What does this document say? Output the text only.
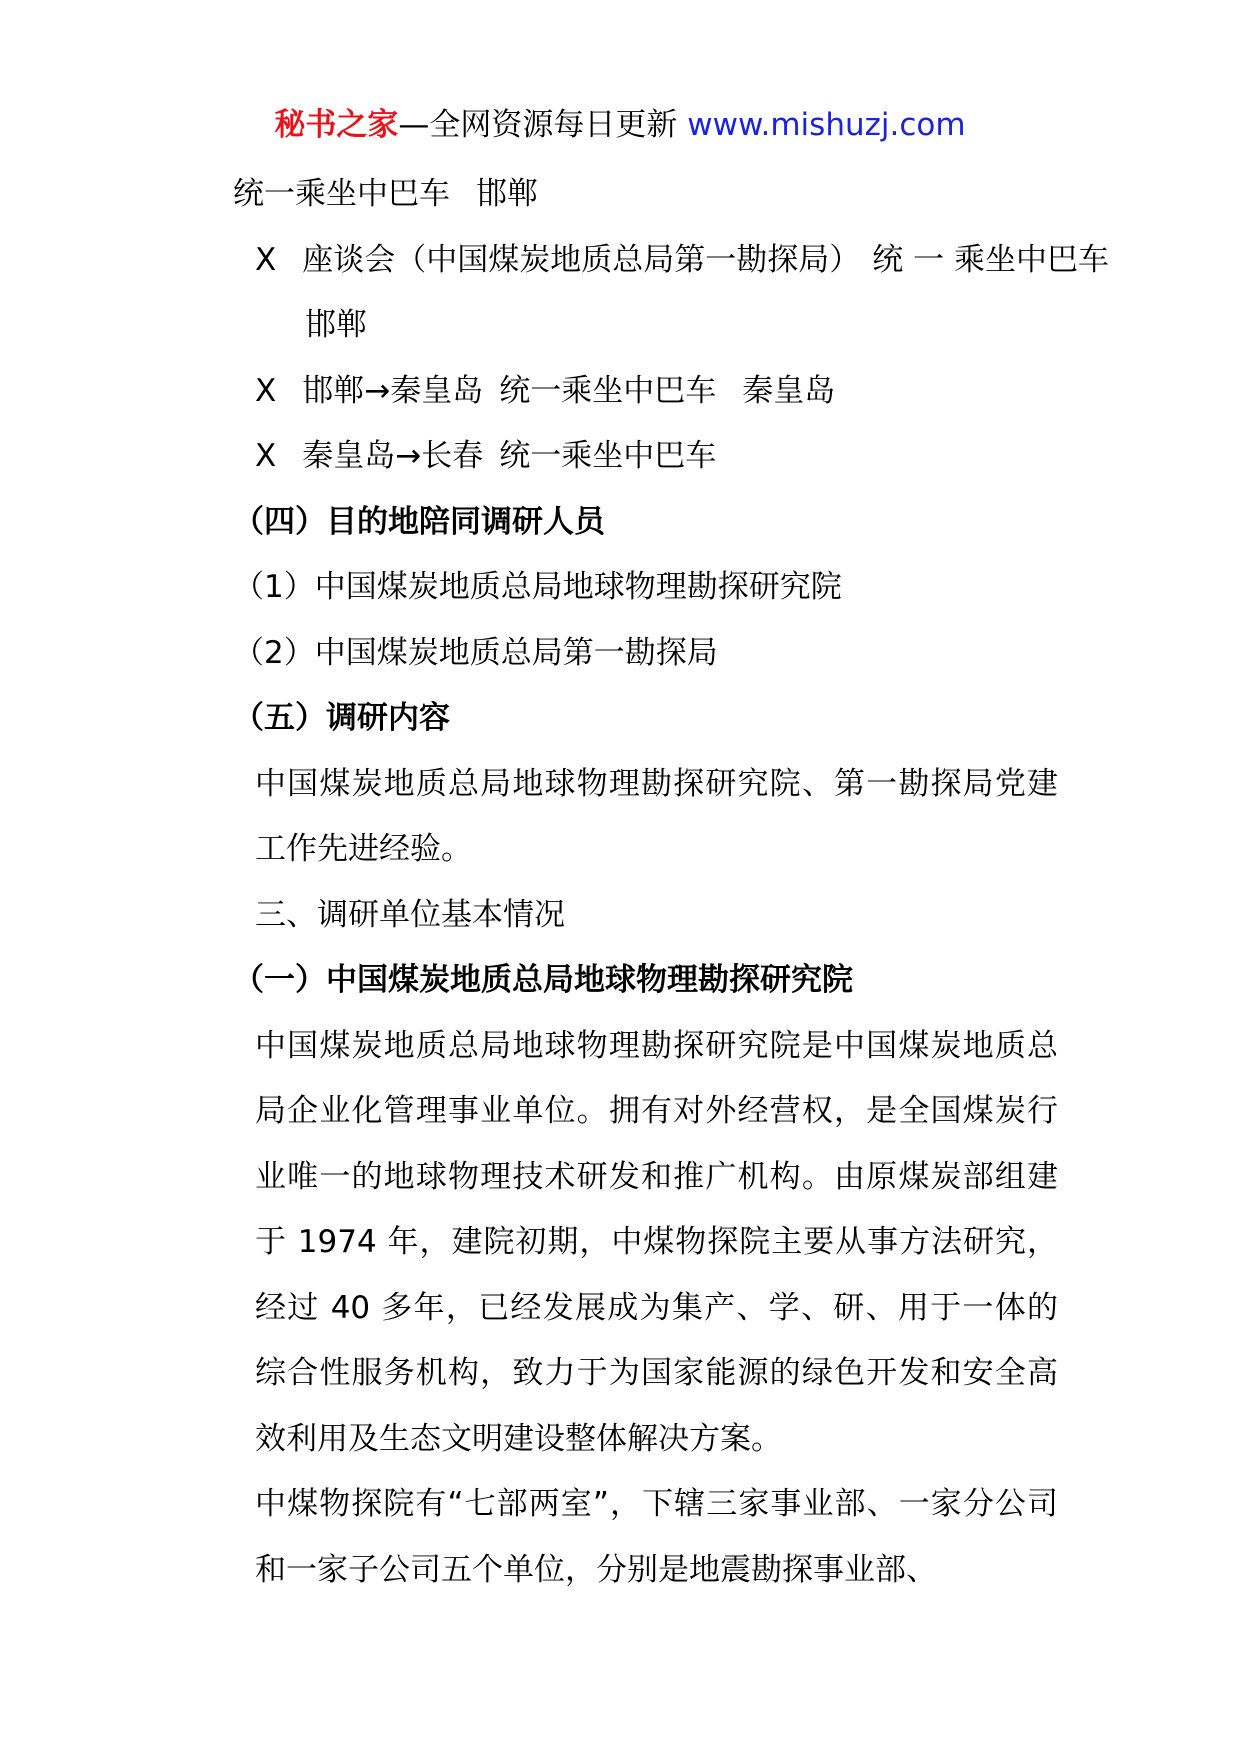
秘书之家—全网资源每日更新 www.mishuzj.com

统一乘坐中巴车 邯郸

X 座谈会（中国煤炭地质总局第一勘探局） 统 一 乘坐中巴车

邯郸

X 邯郸→秦皇岛 统一乘坐中巴车 秦皇岛

X 秦皇岛→长春 统一乘坐中巴车

（四）目的地陪同调研人员

（1）中国煤炭地质总局地球物理勘探研究院

（2）中国煤炭地质总局第一勘探局

（五）调研内容

中国煤炭地质总局地球物理勘探研究院、第一勘探局党建工作先进经验。

三、调研单位基本情况

（一）中国煤炭地质总局地球物理勘探研究院

中国煤炭地质总局地球物理勘探研究院是中国煤炭地质总局企业化管理事业单位。拥有对外经营权，是全国煤炭行业唯一的地球物理技术研发和推广机构。由原煤炭部组建于 1974 年，建院初期，中煤物探院主要从事方法研究，经过 40 多年，已经发展成为集产、学、研、用于一体的综合性服务机构，致力于为国家能源的绿色开发和安全高效利用及生态文明建设整体解决方案。

中煤物探院有“七部两室”，下辖三家事业部、一家分公司和一家子公司五个单位，分别是地震勘探事业部、
